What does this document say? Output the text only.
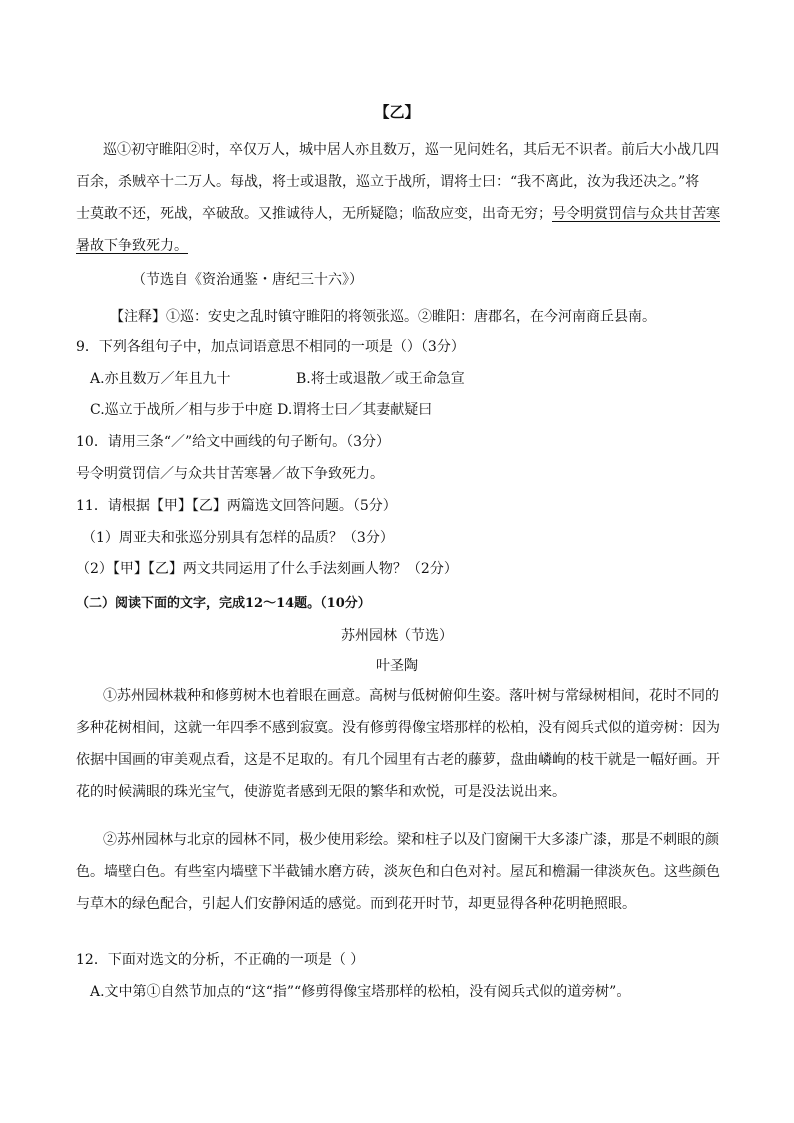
【乙】
巡①初守睢阳②时，卒仅万人，城中居人亦且数万，巡一见问姓名，其后无不识者。前后大小战几四
百余，杀贼卒十二万人。每战，将士或退散，巡立于战所，谓将士曰：“我不离此，汝为我还决之。”将
士莫敢不还，死战，卒破敌。又推诚待人，无所疑隐；临敌应变，出奇无穷；号令明赏罚信与众共甘苦寒
暑故下争致死力。
（节选自《资治通鉴・唐纪三十六》）
【注释】①巡：安史之乱时镇守睢阳的将领张巡。②睢阳：唐郡名，在今河南商丘县南。
9．下列各组句子中，加点词语意思不相同的一项是（）（3分）
A.亦且数万／年且九十	B.将士或退散／或王命急宣
C.巡立于战所／相与步于中庭 D.谓将士曰／其妻献疑曰
10．请用三条“／”给文中画线的句子断句。（3分）
号令明赏罚信／与众共甘苦寒暑／故下争致死力。
11．请根据【甲】【乙】两篇选文回答问题。（5分）
（1）周亚夫和张巡分别具有怎样的品质？（3分）
（2）【甲】【乙】两文共同运用了什么手法刻画人物？（2分）
（二）阅读下面的文字，完成12～14题。（10分）
苏州园林（节选）
叶圣陶
①苏州园林栽种和修剪树木也着眼在画意。高树与低树俯仰生姿。落叶树与常绿树相间，花时不同的
多种花树相间，这就一年四季不感到寂寞。没有修剪得像宝塔那样的松柏，没有阅兵式似的道旁树：因为
依据中国画的审美观点看，这是不足取的。有几个园里有古老的藤萝，盘曲嶙峋的枝干就是一幅好画。开
花的时候满眼的珠光宝气，使游览者感到无限的繁华和欢悦，可是没法说出来。
②苏州园林与北京的园林不同，极少使用彩绘。梁和柱子以及门窗阑干大多漆广漆，那是不刺眼的颜
色。墙壁白色。有些室内墙壁下半截铺水磨方砖，淡灰色和白色对衬。屋瓦和檐漏一律淡灰色。这些颜色
与草木的绿色配合，引起人们安静闲适的感觉。而到花开时节，却更显得各种花明艳照眼。
12．下面对选文的分析，不正确的一项是（ ）
A.文中第①自然节加点的“这“指”“修剪得像宝塔那样的松柏，没有阅兵式似的道旁树”。
